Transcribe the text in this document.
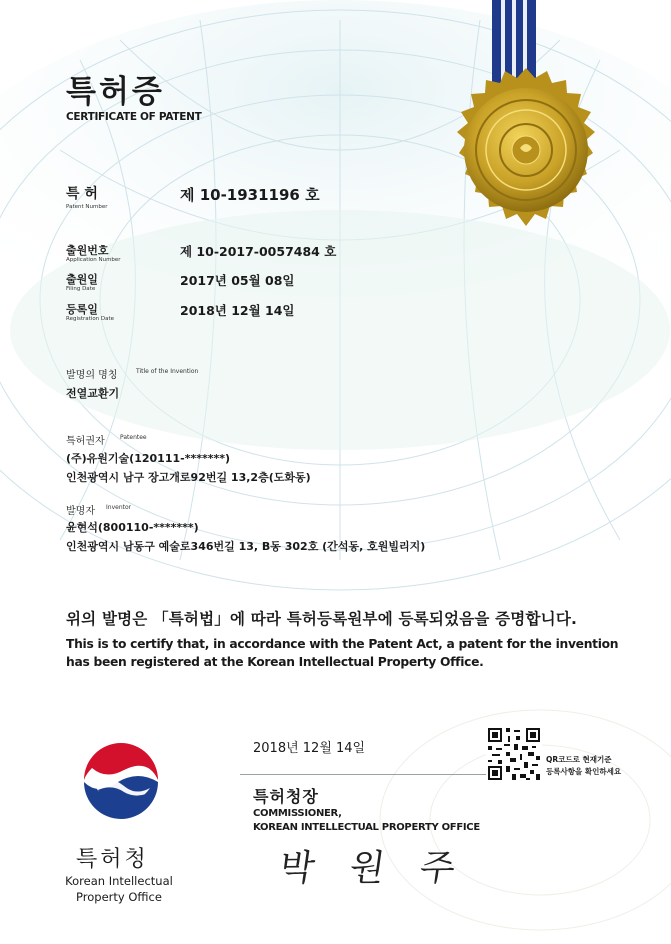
특허증
CERTIFICATE OF PATENT
특 허
Patent Number
제 10-1931196 호
출원번호
Application Number
제 10-2017-0057484 호
출원일
Filing Date
2017년 05월 08일
등록일
Registration Date
2018년 12월 14일
발명의 명칭	Title of the Invention
전열교환기
특허권자	Patentee
(주)유원기술(120111-*******)
인천광역시 남구 장고개로92번길 13,2층(도화동)
발명자 Inventor
윤현석(800110-*******)
인천광역시 남동구 예술로346번길 13, B동 302호 (간석동, 호원빌리지)
위의 발명은 「특허법」에 따라 특허등록원부에 등록되었음을 증명합니다.
This is to certify that, in accordance with the Patent Act, a patent for the invention
has been registered at the Korean Intellectual Property Office.
특허청
Korean Intellectual
Property Office
2018년 12월 14일
특허청장
COMMISSIONER,
KOREAN INTELLECTUAL PROPERTY OFFICE
박 원 주
QR코드로 현재기준
등록사항을 확인하세요
